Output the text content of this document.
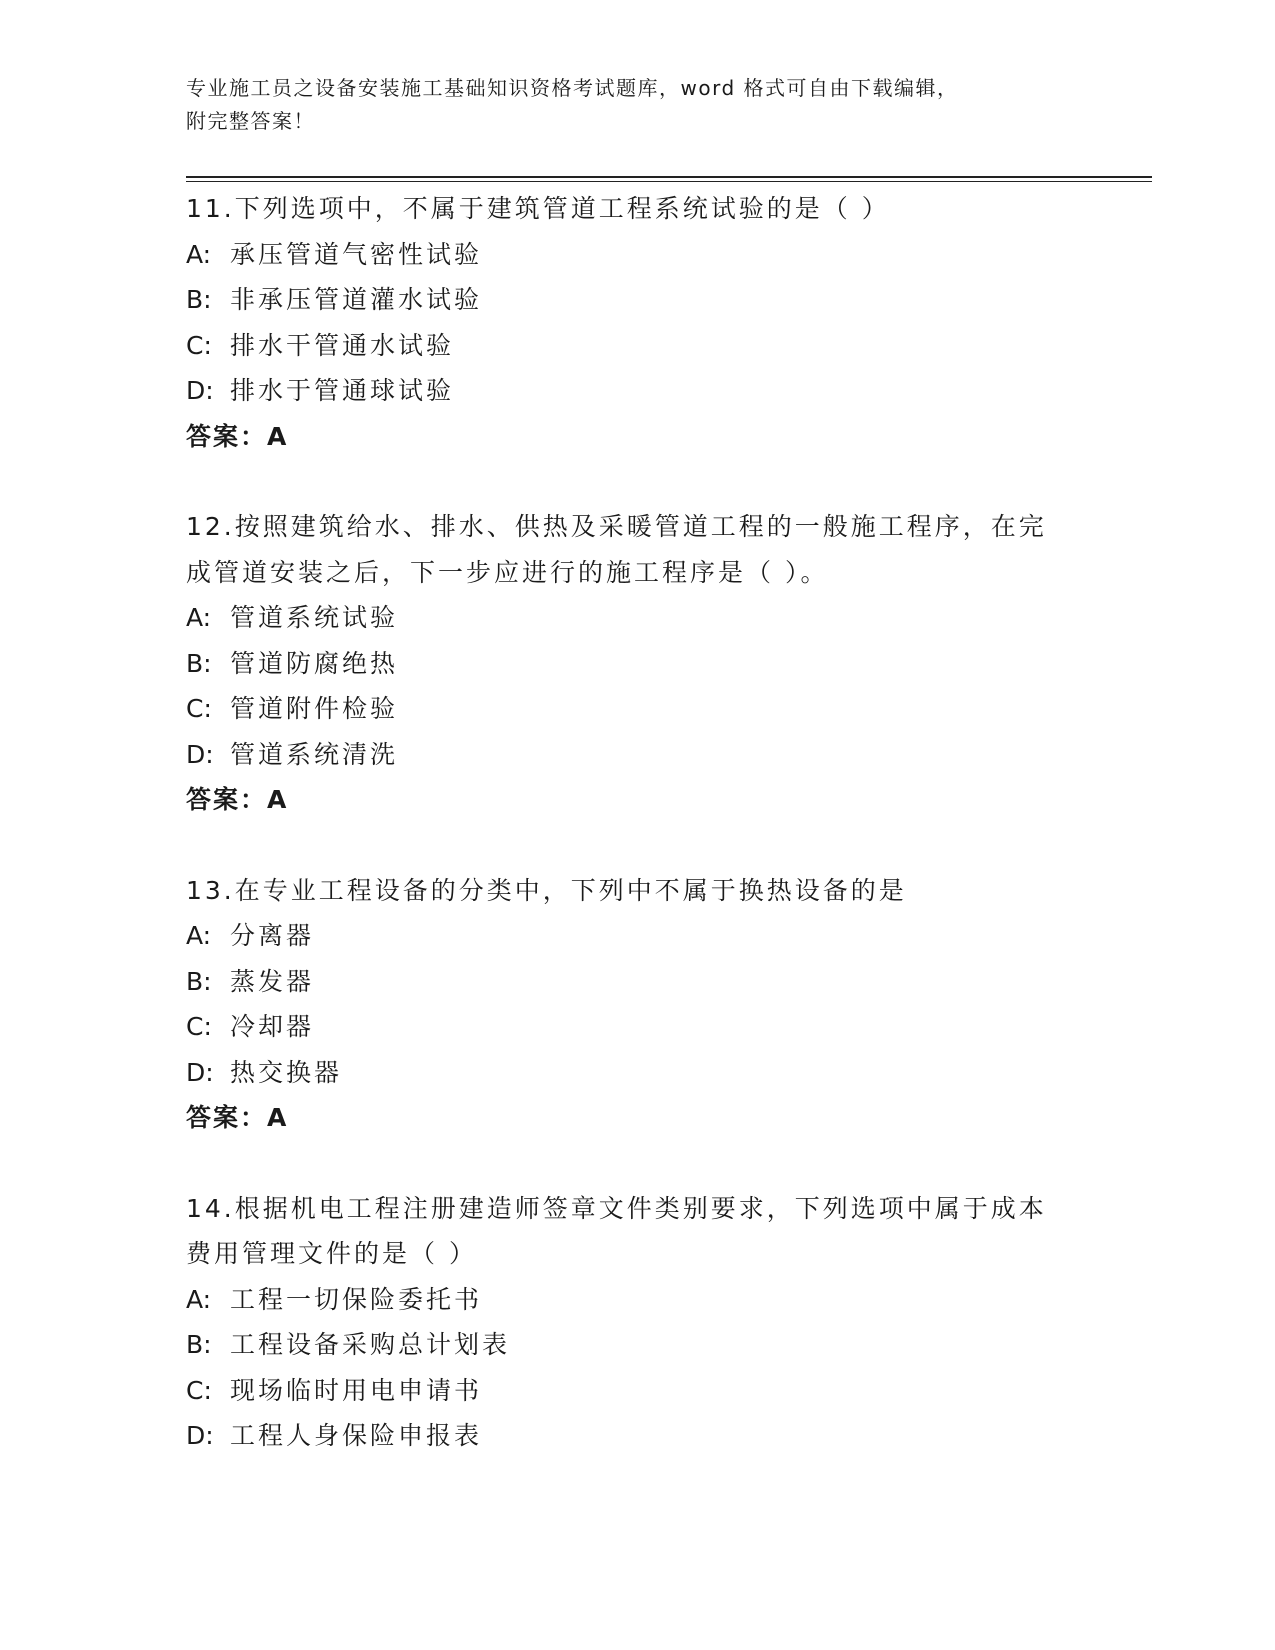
专业施工员之设备安装施工基础知识资格考试题库，word 格式可自由下载编辑，
附完整答案！
11.下列选项中，不属于建筑管道工程系统试验的是（ ）
A: 承压管道气密性试验
B: 非承压管道灌水试验
C: 排水干管通水试验
D: 排水于管通球试验
答案：A
12.按照建筑给水、排水、供热及采暖管道工程的一般施工程序，在完
成管道安装之后，下一步应进行的施工程序是（ ）。
A: 管道系统试验
B: 管道防腐绝热
C: 管道附件检验
D: 管道系统清洗
答案：A
13.在专业工程设备的分类中，下列中不属于换热设备的是
A: 分离器
B: 蒸发器
C: 冷却器
D: 热交换器
答案：A
14.根据机电工程注册建造师签章文件类别要求，下列选项中属于成本
费用管理文件的是（ ）
A: 工程一切保险委托书
B: 工程设备采购总计划表
C: 现场临时用电申请书
D: 工程人身保险申报表
